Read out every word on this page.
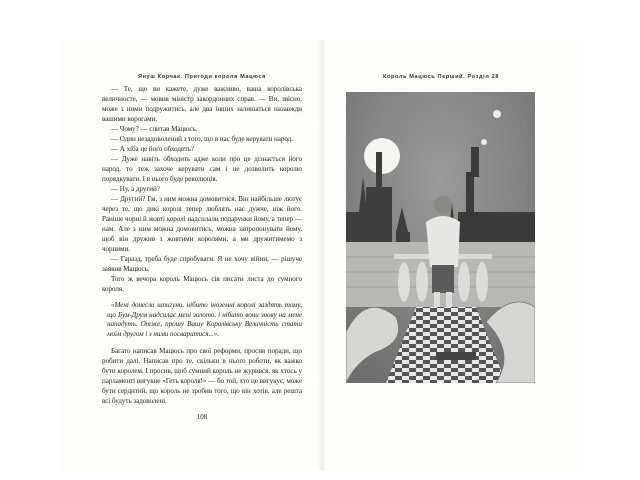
Януш Корчак. Пригоди короля Мацюся	Король Мацюсь Перший. Розділ 28

— Те, що ви кажете, дуже важливо, ваша королівська величносте, — мовив міністр закордонних справ. — Ви, звісно, може з ними подружитись, але два інших залишаться назавжди вашими ворогами.

— Чому? — спитав Мацюсь.

— Один незадоволений з того, що в нас буде керувати народ.

— А хіба це його обходить?

— Дуже навіть обходить адже коли про це дізнається його народ, то теж захоче керувати сам і не дозволить королю порядкувати. І в нього буде революція.

— Ну, а другий?

— Другий? Гм, з ним можна домовитися. Він найбільше лютує через те, що дикі королі тепер люблять нас дужче, ніж його. Раніше чорні й жовті королі надсилали подарунки йому, а тепер — нам. Але з ним можна домовитись, можна запропонувати йому, щоб він дружив з жовтими королями, а ми дружитимемо з чорними.

— Гаразд, треба буде спробувати. Я не хочу війни, — рішуче заявив Мацюсь.

Того ж вечора король Мацюсь сів писати листа до сумного короля.

«Мені донесли шпигуни, нібито іноземні королі заздять тому, що Бум-Друм надсилає мені золото, і нібито вони знову на мене нападуть. Отже, прошу Вашу Королівську Величність стати моїм другом і з ними посваритися...».

Багато написав Мацюсь про свої реформи, просив поради, що робити далі. Написав про те, скільки в нього роботи, як важко бути королем. І просив, щоб сумний король не журився, як хтось у парламенті вигукне «Геть короля!» — бо той, хто це вигукує, може бути сердитий, що король не зробив того, що він хотів, але решта всі будуть задоволені.

108
